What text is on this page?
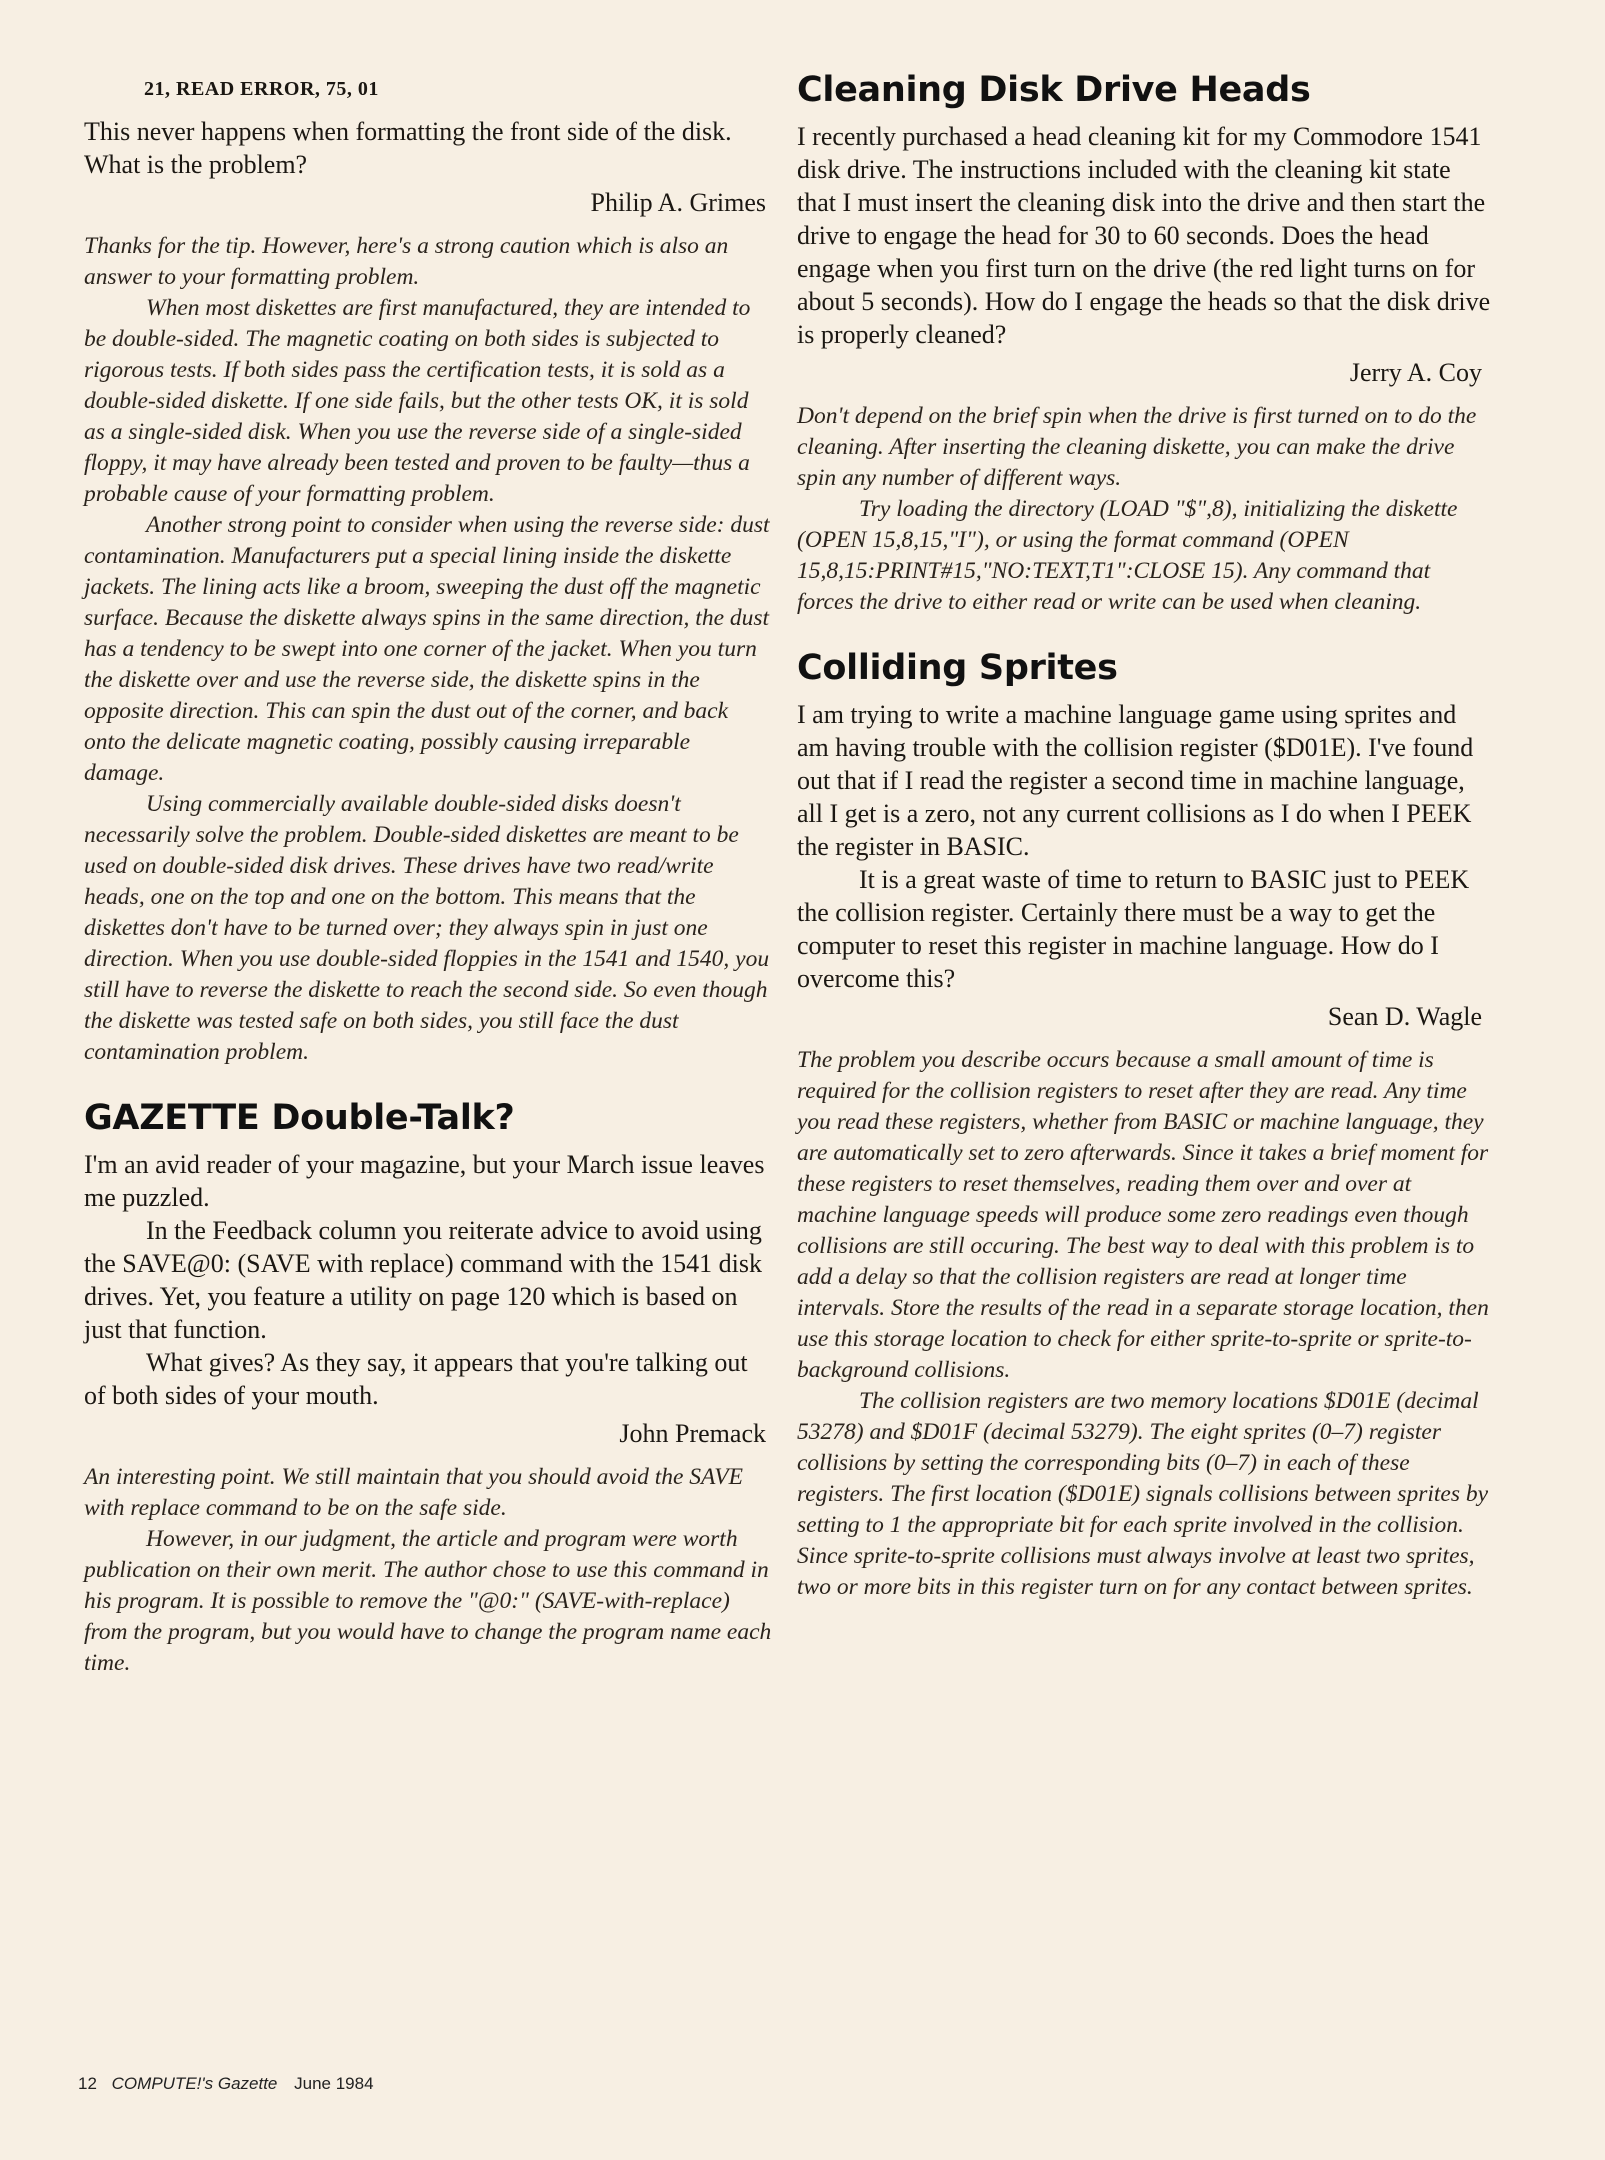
21, READ ERROR, 75, 01

This never happens when formatting the front side of the disk. What is the problem?

Philip A. Grimes

Thanks for the tip. However, here's a strong caution which is also an answer to your formatting problem.

When most diskettes are first manufactured, they are intended to be double-sided. The magnetic coating on both sides is subjected to rigorous tests. If both sides pass the certification tests, it is sold as a double-sided diskette. If one side fails, but the other tests OK, it is sold as a single-sided disk. When you use the reverse side of a single-sided floppy, it may have already been tested and proven to be faulty—thus a probable cause of your formatting problem.

Another strong point to consider when using the reverse side: dust contamination. Manufacturers put a special lining inside the diskette jackets. The lining acts like a broom, sweeping the dust off the magnetic surface. Because the diskette always spins in the same direction, the dust has a tendency to be swept into one corner of the jacket. When you turn the diskette over and use the reverse side, the diskette spins in the opposite direction. This can spin the dust out of the corner, and back onto the delicate magnetic coating, possibly causing irreparable damage.

Using commercially available double-sided disks doesn't necessarily solve the problem. Double-sided diskettes are meant to be used on double-sided disk drives. These drives have two read/write heads, one on the top and one on the bottom. This means that the diskettes don't have to be turned over; they always spin in just one direction. When you use double-sided floppies in the 1541 and 1540, you still have to reverse the diskette to reach the second side. So even though the diskette was tested safe on both sides, you still face the dust contamination problem.

GAZETTE Double-Talk?

I'm an avid reader of your magazine, but your March issue leaves me puzzled.

In the Feedback column you reiterate advice to avoid using the SAVE@0: (SAVE with replace) command with the 1541 disk drives. Yet, you feature a utility on page 120 which is based on just that function.

What gives? As they say, it appears that you're talking out of both sides of your mouth.

John Premack

An interesting point. We still maintain that you should avoid the SAVE with replace command to be on the safe side.

However, in our judgment, the article and program were worth publication on their own merit. The author chose to use this command in his program. It is possible to remove the "@0:" (SAVE-with-replace) from the program, but you would have to change the program name each time.

Cleaning Disk Drive Heads

I recently purchased a head cleaning kit for my Commodore 1541 disk drive. The instructions included with the cleaning kit state that I must insert the cleaning disk into the drive and then start the drive to engage the head for 30 to 60 seconds. Does the head engage when you first turn on the drive (the red light turns on for about 5 seconds). How do I engage the heads so that the disk drive is properly cleaned?

Jerry A. Coy

Don't depend on the brief spin when the drive is first turned on to do the cleaning. After inserting the cleaning diskette, you can make the drive spin any number of different ways.

Try loading the directory (LOAD "$",8), initializing the diskette (OPEN 15,8,15,"I"), or using the format command (OPEN 15,8,15:PRINT#15,"NO:TEXT,T1":CLOSE 15). Any command that forces the drive to either read or write can be used when cleaning.

Colliding Sprites

I am trying to write a machine language game using sprites and am having trouble with the collision register ($D01E). I've found out that if I read the register a second time in machine language, all I get is a zero, not any current collisions as I do when I PEEK the register in BASIC.

It is a great waste of time to return to BASIC just to PEEK the collision register. Certainly there must be a way to get the computer to reset this register in machine language. How do I overcome this?

Sean D. Wagle

The problem you describe occurs because a small amount of time is required for the collision registers to reset after they are read. Any time you read these registers, whether from BASIC or machine language, they are automatically set to zero afterwards. Since it takes a brief moment for these registers to reset themselves, reading them over and over at machine language speeds will produce some zero readings even though collisions are still occuring. The best way to deal with this problem is to add a delay so that the collision registers are read at longer time intervals. Store the results of the read in a separate storage location, then use this storage location to check for either sprite-to-sprite or sprite-to-background collisions.

The collision registers are two memory locations $D01E (decimal 53278) and $D01F (decimal 53279). The eight sprites (0–7) register collisions by setting the corresponding bits (0–7) in each of these registers. The first location ($D01E) signals collisions between sprites by setting to 1 the appropriate bit for each sprite involved in the collision. Since sprite-to-sprite collisions must always involve at least two sprites, two or more bits in this register turn on for any contact between sprites.

12 COMPUTE!'s Gazette June 1984
